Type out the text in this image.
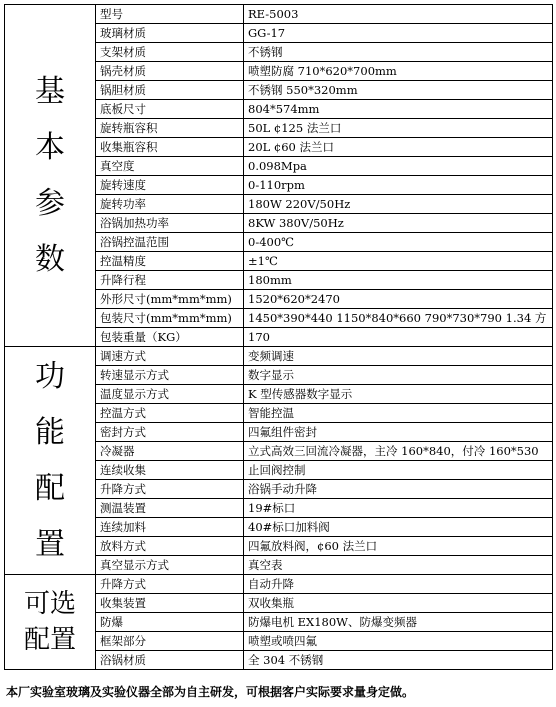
基
本
参
数	型号	RE-5003
	玻璃材质	GG-17
	支架材质	不锈钢
	锅壳材质	喷塑防腐 710*620*700mm
	锅胆材质	不锈钢 550*320mm
	底板尺寸	804*574mm
	旋转瓶容积	50L ¢125 法兰口
	收集瓶容积	20L ¢60 法兰口
	真空度	0.098Mpa
	旋转速度	0-110rpm
	旋转功率	180W 220V/50Hz
	浴锅加热功率	8KW 380V/50Hz
	浴锅控温范围	0-400℃
	控温精度	±1℃
	升降行程	180mm
	外形尺寸(mm*mm*mm)	1520*620*2470
	包装尺寸(mm*mm*mm)	1450*390*440 1150*840*660 790*730*790 1.34 方
	包装重量（KG）	170

功
能
配
置	调速方式	变频调速
	转速显示方式	数字显示
	温度显示方式	K 型传感器数字显示
	控温方式	智能控温
	密封方式	四氟组件密封
	冷凝器	立式高效三回流冷凝器，主冷 160*840，付冷 160*530
	连续收集	止回阀控制
	升降方式	浴锅手动升降
	测温装置	19#标口
	连续加料	40#标口加料阀
	放料方式	四氟放料阀，¢60 法兰口
	真空显示方式	真空表

可选
配置	升降方式	自动升降
	收集装置	双收集瓶
	防爆	防爆电机 EX180W、防爆变频器
	框架部分	喷塑或喷四氟
	浴锅材质	全 304 不锈钢
本厂实验室玻璃及实验仪器全部为自主研发，可根据客户实际要求量身定做。
